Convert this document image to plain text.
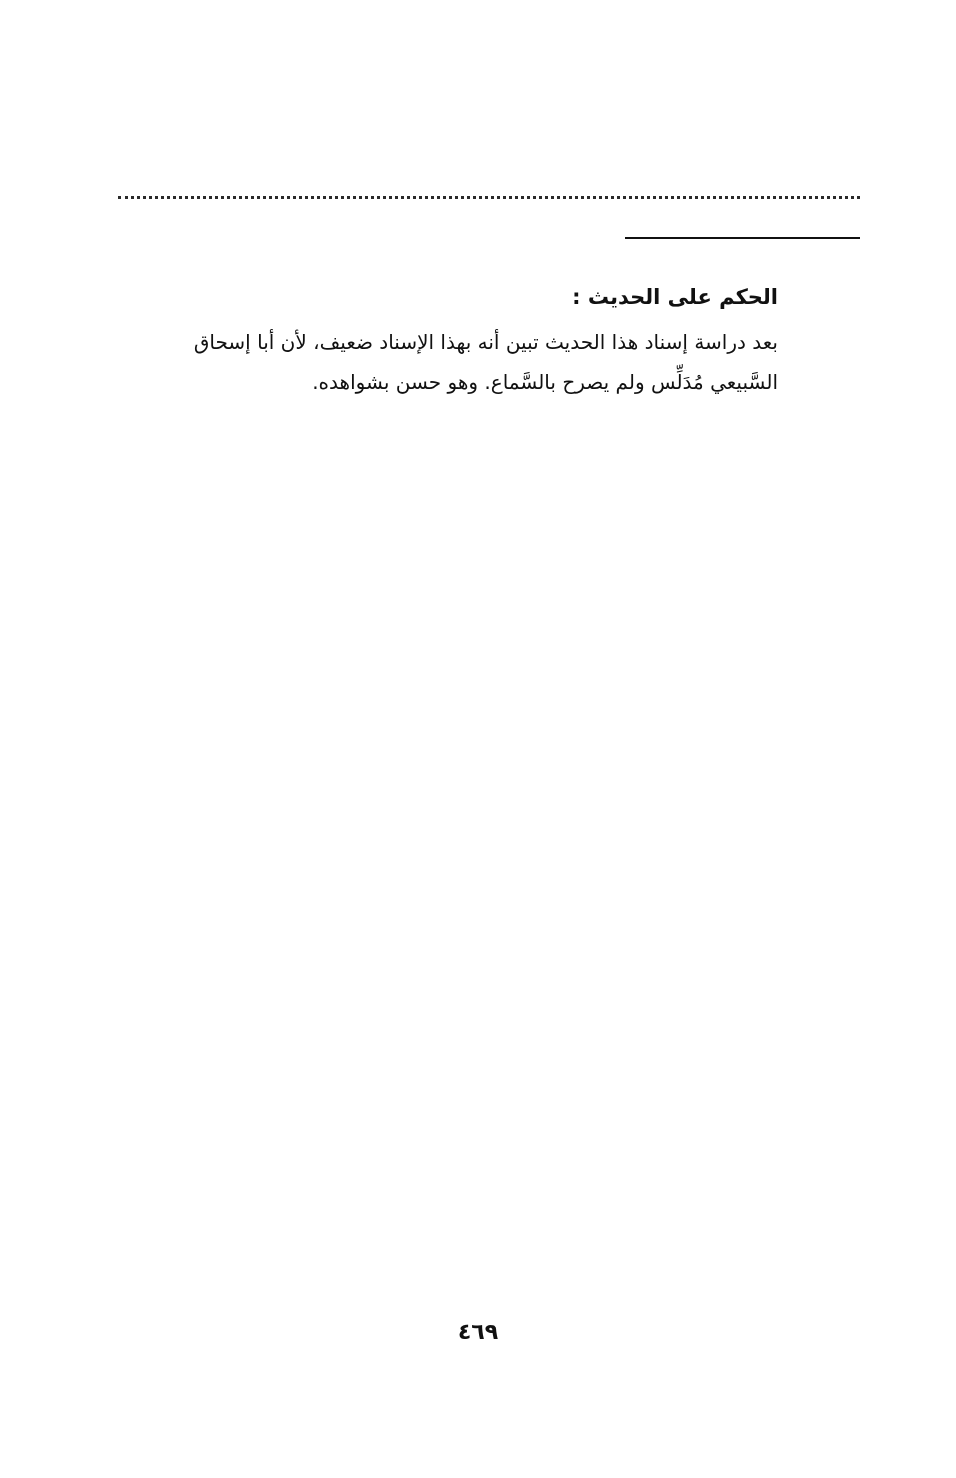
الحكم على الحديث :
بعد دراسة إسناد هذا الحديث تبين أنه بهذا الإسناد ضعيف، لأن أبا إسحاق
السَّبيعي مُدَلِّس ولم يصرح بالسَّماع. وهو حسن بشواهده.
٤٦٩
